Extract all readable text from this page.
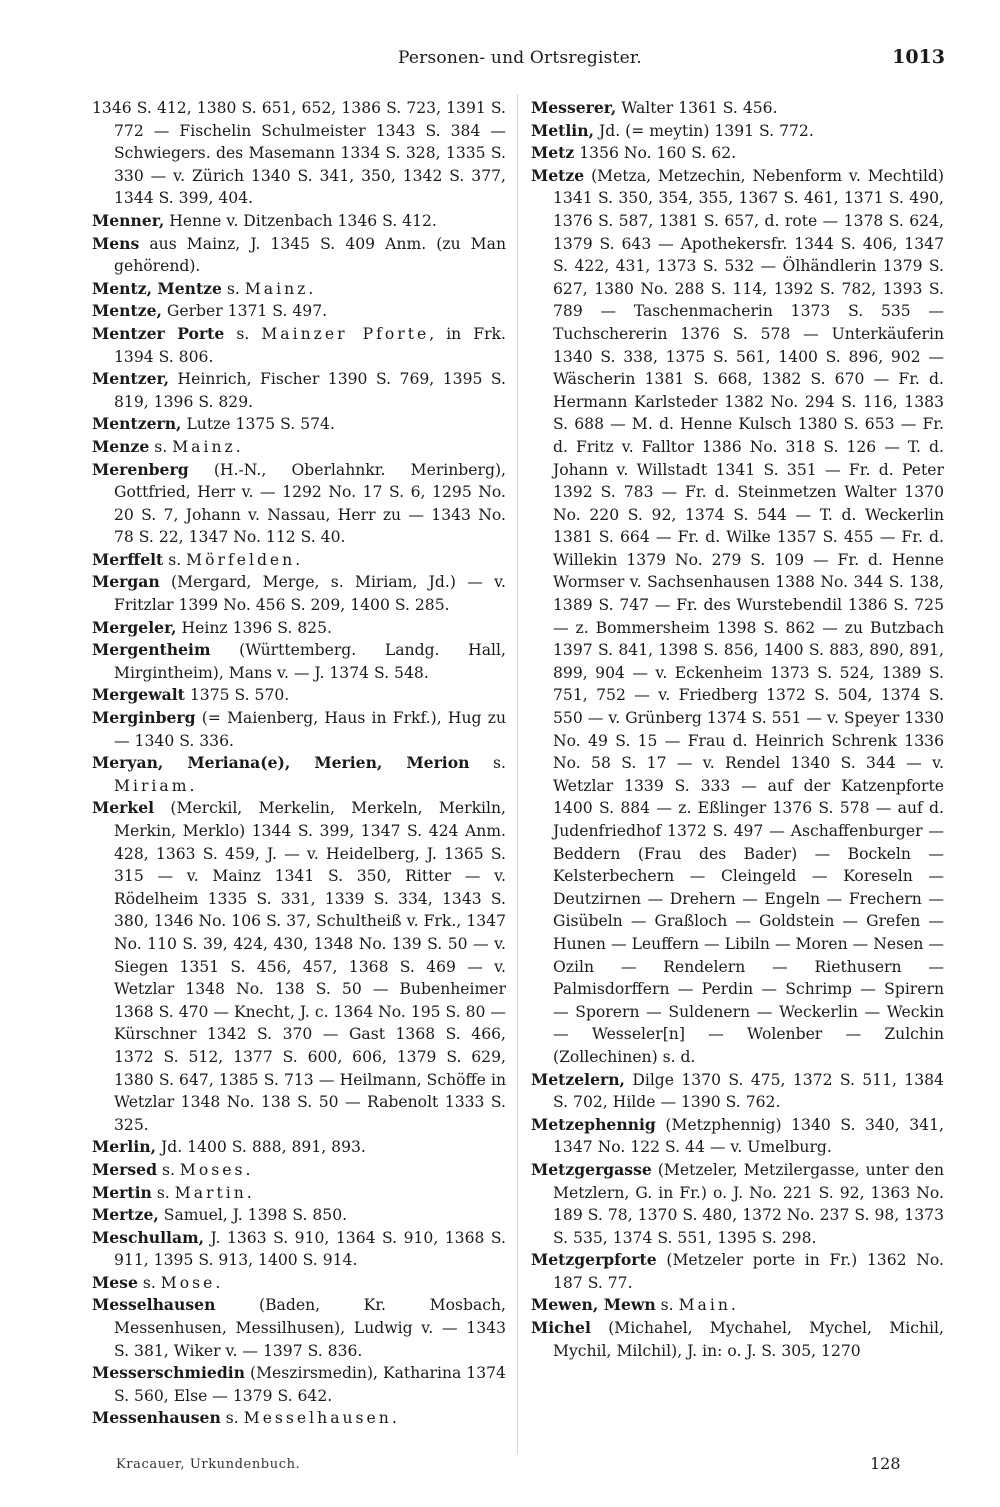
Personen- und Ortsregister.	1013

1346 S. 412, 1380 S. 651, 652, 1386 S. 723, 1391 S. 772 — Fischelin Schulmeister 1343 S. 384 — Schwiegers. des Masemann 1334 S. 328, 1335 S. 330 — v. Zürich 1340 S. 341, 350, 1342 S. 377, 1344 S. 399, 404.

Menner, Henne v. Ditzenbach 1346 S. 412.

Mens aus Mainz, J. 1345 S. 409 Anm. (zu Man gehörend).

Mentz, Mentze s. Mainz.

Mentze, Gerber 1371 S. 497.

Mentzer Porte s. Mainzer Pforte, in Frk. 1394 S. 806.

Mentzer, Heinrich, Fischer 1390 S. 769, 1395 S. 819, 1396 S. 829.

Mentzern, Lutze 1375 S. 574.

Menze s. Mainz.

Merenberg (H.-N., Oberlahnkr. Merinberg), Gottfried, Herr v. — 1292 No. 17 S. 6, 1295 No. 20 S. 7, Johann v. Nassau, Herr zu — 1343 No. 78 S. 22, 1347 No. 112 S. 40.

Merffelt s. Mörfelden.

Mergan (Mergard, Merge, s. Miriam, Jd.) — v. Fritzlar 1399 No. 456 S. 209, 1400 S. 285.

Mergeler, Heinz 1396 S. 825.

Mergentheim (Württemberg. Landg. Hall, Mirgintheim), Mans v. — J. 1374 S. 548.

Mergewalt 1375 S. 570.

Merginberg (= Maienberg, Haus in Frkf.), Hug zu — 1340 S. 336.

Meryan, Meriana(e), Merien, Merion s. Miriam.

Merkel (Merckil, Merkelin, Merkeln, Merkiln, Merkin, Merklo) 1344 S. 399, 1347 S. 424 Anm. 428, 1363 S. 459, J. — v. Heidelberg, J. 1365 S. 315 — v. Mainz 1341 S. 350, Ritter — v. Rödelheim 1335 S. 331, 1339 S. 334, 1343 S. 380, 1346 No. 106 S. 37, Schultheiß v. Frk., 1347 No. 110 S. 39, 424, 430, 1348 No. 139 S. 50 — v. Siegen 1351 S. 456, 457, 1368 S. 469 — v. Wetzlar 1348 No. 138 S. 50 — Bubenheimer 1368 S. 470 — Knecht, J. c. 1364 No. 195 S. 80 — Kürschner 1342 S. 370 — Gast 1368 S. 466, 1372 S. 512, 1377 S. 600, 606, 1379 S. 629, 1380 S. 647, 1385 S. 713 — Heilmann, Schöffe in Wetzlar 1348 No. 138 S. 50 — Rabenolt 1333 S. 325.

Merlin, Jd. 1400 S. 888, 891, 893.

Mersed s. Moses.

Mertin s. Martin.

Mertze, Samuel, J. 1398 S. 850.

Meschullam, J. 1363 S. 910, 1364 S. 910, 1368 S. 911, 1395 S. 913, 1400 S. 914.

Mese s. Mose.

Messelhausen	(Baden, Kr. Mosbach, Messenhusen, Messilhusen), Ludwig v. — 1343 S. 381, Wiker v. — 1397 S. 836.

Messerschmiedin (Meszirsmedin), Katharina 1374 S. 560, Else — 1379 S. 642.

Messenhausen s. Messelhausen.

Messerer, Walter 1361 S. 456.

Metlin, Jd. (= meytin) 1391 S. 772.

Metz 1356 No. 160 S. 62.

Metze (Metza, Metzechin, Nebenform v. Mechtild) 1341 S. 350, 354, 355, 1367 S. 461, 1371 S. 490, 1376 S. 587, 1381 S. 657, d. rote — 1378 S. 624, 1379 S. 643 — Apothekersfr. 1344 S. 406, 1347 S. 422, 431, 1373 S. 532 — Ölhändlerin 1379 S. 627, 1380 No. 288 S. 114, 1392 S. 782, 1393 S. 789 — Taschenmacherin 1373 S. 535 — Tuchschererin 1376 S. 578 — Unterkäuferin 1340 S. 338, 1375 S. 561, 1400 S. 896, 902 — Wäscherin 1381 S. 668, 1382 S. 670 — Fr. d. Hermann Karlsteder 1382 No. 294 S. 116, 1383 S. 688 — M. d. Henne Kulsch 1380 S. 653 — Fr. d. Fritz v. Falltor 1386 No. 318 S. 126 — T. d. Johann v. Willstadt 1341 S. 351 — Fr. d. Peter 1392 S. 783 — Fr. d. Steinmetzen Walter 1370 No. 220 S. 92, 1374 S. 544 — T. d. Weckerlin 1381 S. 664 — Fr. d. Wilke 1357 S. 455 — Fr. d. Willekin 1379 No. 279 S. 109 — Fr. d. Henne Wormser v. Sachsenhausen 1388 No. 344 S. 138, 1389 S. 747 — Fr. des Wurstebendil 1386 S. 725 — z. Bommersheim 1398 S. 862 — zu Butzbach 1397 S. 841, 1398 S. 856, 1400 S. 883, 890, 891, 899, 904 — v. Eckenheim 1373 S. 524, 1389 S. 751, 752 — v. Friedberg 1372 S. 504, 1374 S. 550 — v. Grünberg 1374 S. 551 — v. Speyer 1330 No. 49 S. 15 — Frau d. Heinrich Schrenk 1336 No. 58 S. 17 — v. Rendel 1340 S. 344 — v. Wetzlar 1339 S. 333 — auf der Katzenpforte 1400 S. 884 — z. Eßlinger 1376 S. 578 — auf d. Judenfriedhof 1372 S. 497 — Aschaffenburger — Beddern (Frau des Bader) — Bockeln — Kelsterbechern — Cleingeld — Koreseln — Deutzirnen — Drehern — Engeln — Frechern — Gisübeln — Graßloch — Goldstein — Grefen — Hunen — Leuffern — Libiln — Moren — Nesen — Oziln — Rendelern — Riethusern — Palmisdorffern — Perdin — Schrimp — Spirern — Sporern — Suldenern — Weckerlin — Weckin — Wesseler[n] — Wolenber — Zulchin (Zollechinen) s. d.

Metzelern, Dilge 1370 S. 475, 1372 S. 511, 1384 S. 702, Hilde — 1390 S. 762.

Metzephennig (Metzphennig) 1340 S. 340, 341, 1347 No. 122 S. 44 — v. Umelburg.

Metzgergasse (Metzeler, Metzilergasse, unter den Metzlern, G. in Fr.) o. J. No. 221 S. 92, 1363 No. 189 S. 78, 1370 S. 480, 1372 No. 237 S. 98, 1373 S. 535, 1374 S. 551, 1395 S. 298.

Metzgerpforte (Metzeler porte in Fr.) 1362 No. 187 S. 77.

Mewen, Mewn s. Main.

Michel (Michahel, Mychahel, Mychel, Michil, Mychil, Milchil), J. in: o. J. S. 305, 1270

Kracauer, Urkundenbuch.	128
